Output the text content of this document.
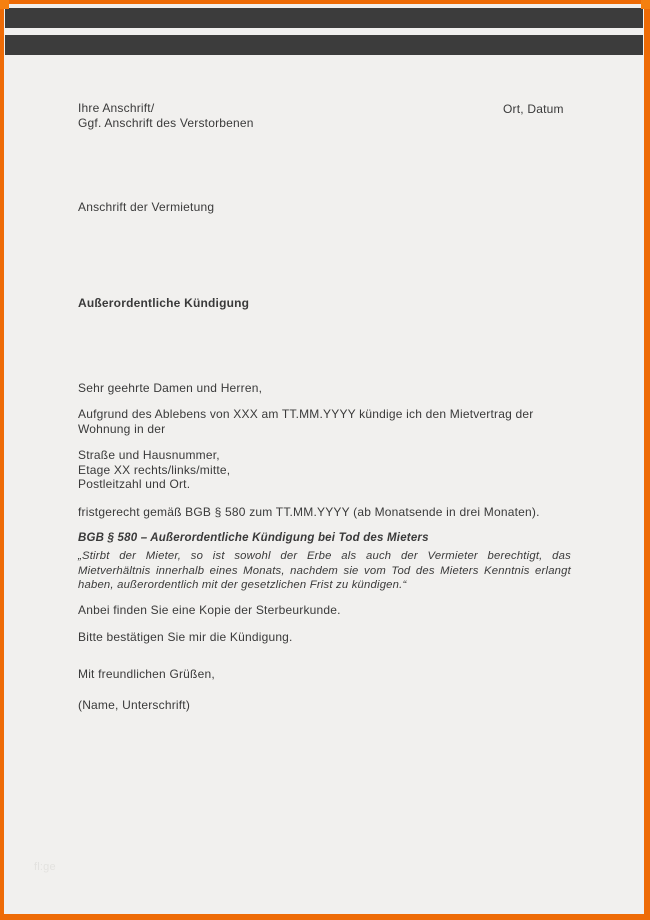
Ihre Anschrift/
Ggf. Anschrift des Verstorbenen
Ort, Datum
Anschrift der Vermietung
Außerordentliche Kündigung
Sehr geehrte Damen und Herren,
Aufgrund des Ablebens von XXX am TT.MM.YYYY kündige ich den Mietvertrag der
Wohnung in der
Straße und Hausnummer,
Etage XX rechts/links/mitte,
Postleitzahl und Ort.
fristgerecht gemäß BGB § 580 zum TT.MM.YYYY (ab Monatsende in drei Monaten).
BGB § 580 – Außerordentliche Kündigung bei Tod des Mieters
„Stirbt der Mieter, so ist sowohl der Erbe als auch der Vermieter berechtigt, das
Mietverhältnis innerhalb eines Monats, nachdem sie vom Tod des Mieters Kenntnis erlangt
haben, außerordentlich mit der gesetzlichen Frist zu kündigen.“
Anbei finden Sie eine Kopie der Sterbeurkunde.
Bitte bestätigen Sie mir die Kündigung.
Mit freundlichen Grüßen,
(Name, Unterschrift)
fl:ge
